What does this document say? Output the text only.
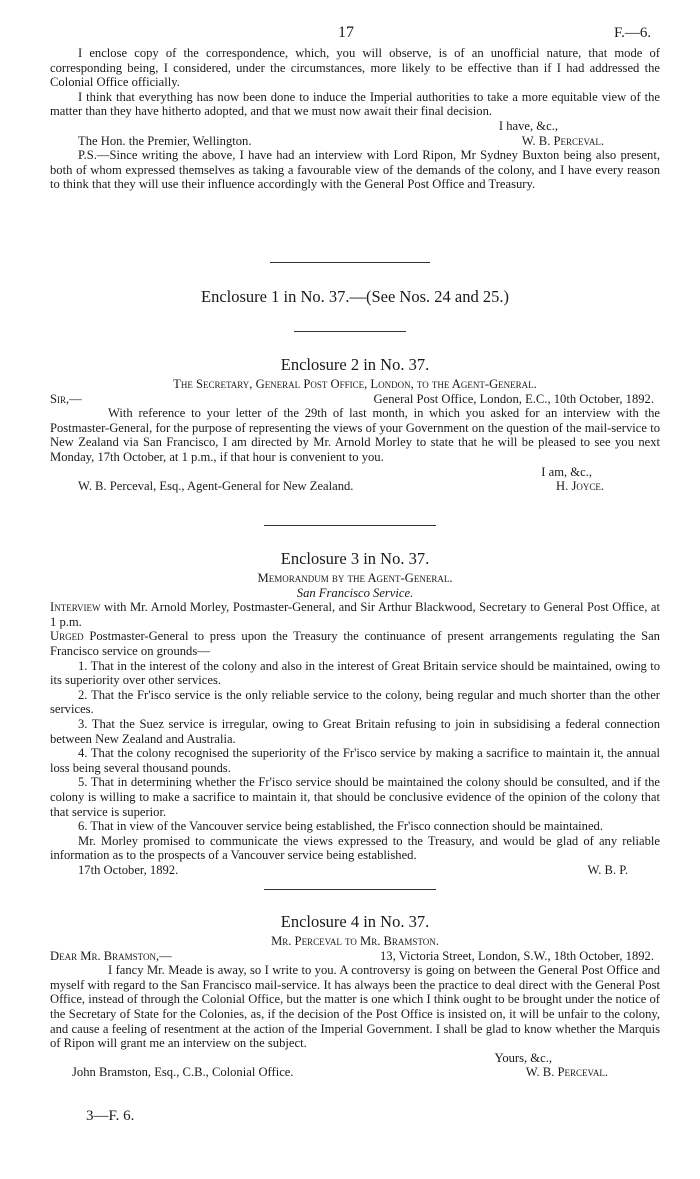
17	F.—6.

I enclose copy of the correspondence, which, you will observe, is of an unofficial nature, that mode of corresponding being, I considered, under the circumstances, more likely to be effective than if I had addressed the Colonial Office officially.

I think that everything has now been done to induce the Imperial authorities to take a more equitable view of the matter than they have hitherto adopted, and that we must now await their final decision.

I have, &c.,
The Hon. the Premier, Wellington.	W. B. Perceval.

P.S.—Since writing the above, I have had an interview with Lord Ripon, Mr Sydney Buxton being also present, both of whom expressed themselves as taking a favourable view of the demands of the colony, and I have every reason to think that they will use their influence accordingly with the General Post Office and Treasury.

Enclosure 1 in No. 37.—(See Nos. 24 and 25.)
Enclosure 2 in No. 37.

The Secretary, General Post Office, London, to the Agent-General.

Sir,—	General Post Office, London, E.C., 10th October, 1892.

With reference to your letter of the 29th of last month, in which you asked for an interview with the Postmaster-General, for the purpose of representing the views of your Government on the question of the mail-service to New Zealand via San Francisco, I am directed by Mr. Arnold Morley to state that he will be pleased to see you next Monday, 17th October, at 1 p.m., if that hour is convenient to you.

I am, &c.,
W. B. Perceval, Esq., Agent-General for New Zealand.	H. Joyce.
Enclosure 3 in No. 37.

Memorandum by the Agent-General.

San Francisco Service.

Interview with Mr. Arnold Morley, Postmaster-General, and Sir Arthur Blackwood, Secretary to General Post Office, at 1 p.m.

Urged Postmaster-General to press upon the Treasury the continuance of present arrangements regulating the San Francisco service on grounds—

1. That in the interest of the colony and also in the interest of Great Britain service should be maintained, owing to its superiority over other services.

2. That the Fr'isco service is the only reliable service to the colony, being regular and much shorter than the other services.

3. That the Suez service is irregular, owing to Great Britain refusing to join in subsidising a federal connection between New Zealand and Australia.

4. That the colony recognised the superiority of the Fr'isco service by making a sacrifice to maintain it, the annual loss being several thousand pounds.

5. That in determining whether the Fr'isco service should be maintained the colony should be consulted, and if the colony is willing to make a sacrifice to maintain it, that should be conclusive evidence of the opinion of the colony that that service is superior.

6. That in view of the Vancouver service being established, the Fr'isco connection should be maintained.

Mr. Morley promised to communicate the views expressed to the Treasury, and would be glad of any reliable information as to the prospects of a Vancouver service being established.

17th October, 1892.	W. B. P.
Enclosure 4 in No. 37.

Mr. Perceval to Mr. Bramston.

Dear Mr. Bramston,—	13, Victoria Street, London, S.W., 18th October, 1892.

I fancy Mr. Meade is away, so I write to you. A controversy is going on between the General Post Office and myself with regard to the San Francisco mail-service. It has always been the practice to deal direct with the General Post Office, instead of through the Colonial Office, but the matter is one which I think ought to be brought under the notice of the Secretary of State for the Colonies, as, if the decision of the Post Office is insisted on, it will be unfair to the colony, and cause a feeling of resentment at the action of the Imperial Government. I shall be glad to know whether the Marquis of Ripon will grant me an interview on the subject.

Yours, &c.,
John Bramston, Esq., C.B., Colonial Office.	W. B. Perceval.
3—F. 6.
